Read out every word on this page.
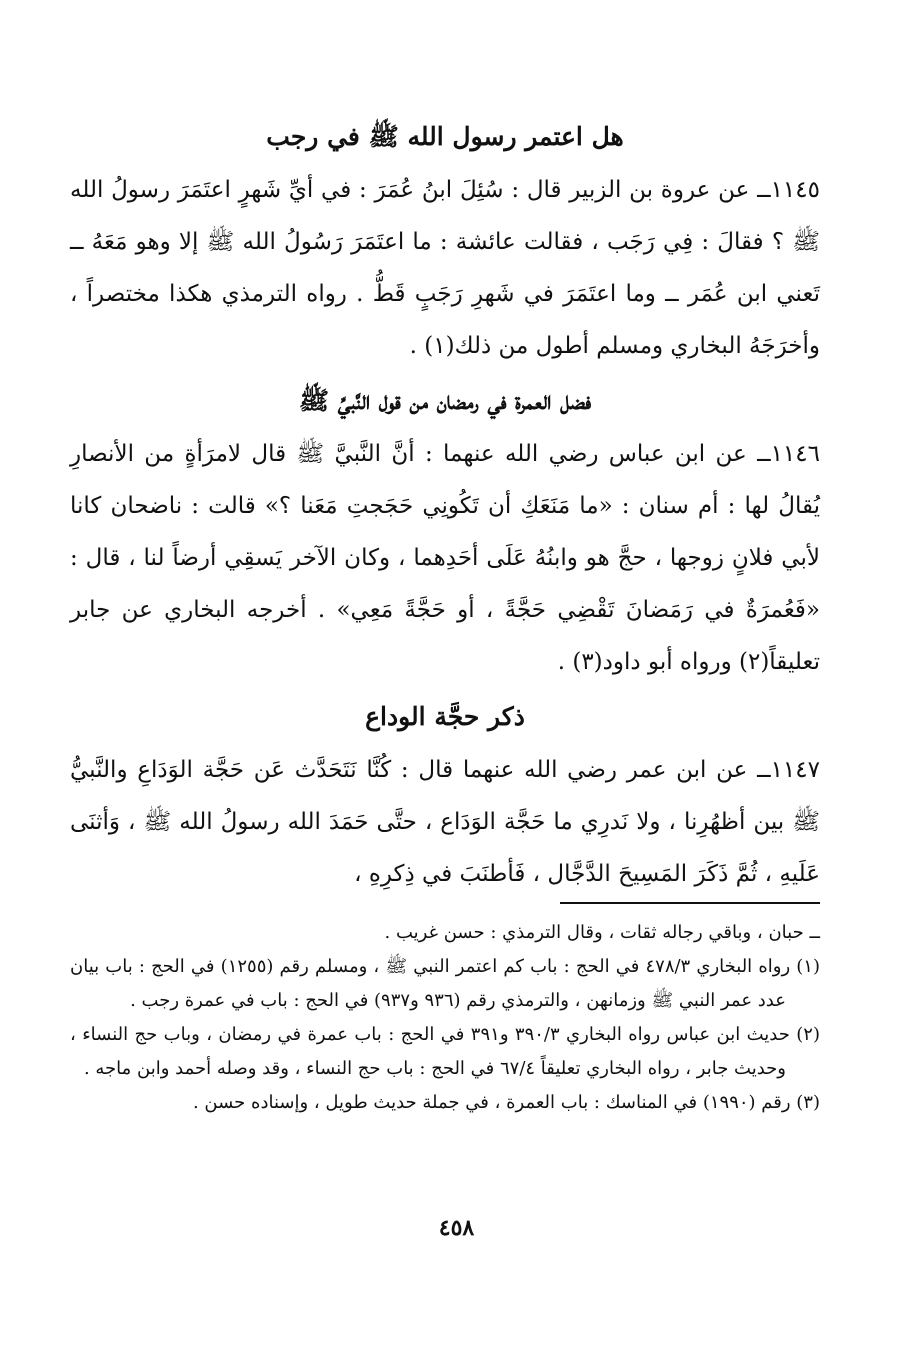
هل اعتمر رسول الله ﷺ في رجب

١١٤٥ــ عن عروة بن الزبير قال : سُئِلَ ابنُ عُمَرَ : في أيِّ شَهرٍ اعتَمَرَ رسولُ الله ﷺ ؟ فقالَ : فِي رَجَب ، فقالت عائشة : ما اعتَمَرَ رَسُولُ الله ﷺ إلا وهو مَعَهُ ــ تَعني ابن عُمَر ــ وما اعتَمَرَ في شَهرِ رَجَبٍ قَطُّ . رواه الترمذي هكذا مختصراً ، وأخرَجَهُ البخاري ومسلم أطول من ذلك(١) .

فضل العمرة في رمضان من قول النَّبيِّ ﷺ

١١٤٦ــ عن ابن عباس رضي الله عنهما : أنَّ النَّبيَّ ﷺ قال لامرَأةٍ من الأنصارِ يُقالُ لها : أم سنان : «ما مَنَعَكِ أن تَكُونِي حَجَجتِ مَعَنا ؟» قالت : ناضحان كانا لأبي فلانٍ زوجها ، حجَّ هو وابنُهُ عَلَى أحَدِهما ، وكان الآخر يَسقِي أرضاً لنا ، قال : «فَعُمرَةٌ في رَمَضانَ تَقْضِي حَجَّةً ، أو حَجَّةً مَعِي» . أخرجه البخاري عن جابر تعليقاً(٢) ورواه أبو داود(٣) .

ذكر حجَّة الوداع

١١٤٧ــ عن ابن عمر رضي الله عنهما قال : كُنَّا نَتَحَدَّث عَن حَجَّة الوَدَاعِ والنَّبيُّ ﷺ بين أظهُرِنا ، ولا نَدرِي ما حَجَّة الوَدَاع ، حتَّى حَمَدَ الله رسولُ الله ﷺ ، وَأثنَى عَلَيهِ ، ثُمَّ ذَكَرَ المَسِيحَ الدَّجَّال ، فَأطنَبَ في ذِكرِهِ ،

ــ حبان ، وباقي رجاله ثقات ، وقال الترمذي : حسن غريب .

(١) رواه البخاري ٤٧٨/٣ في الحج : باب كم اعتمر النبي ﷺ ، ومسلم رقم (١٢٥٥) في الحج : باب بيان عدد عمر النبي ﷺ وزمانهن ، والترمذي رقم (٩٣٦ و٩٣٧) في الحج : باب في عمرة رجب .

(٢) حديث ابن عباس رواه البخاري ٣٩٠/٣ و٣٩١ في الحج : باب عمرة في رمضان ، وباب حج النساء ، وحديث جابر ، رواه البخاري تعليقاً ٦٧/٤ في الحج : باب حج النساء ، وقد وصله أحمد وابن ماجه .

(٣) رقم (١٩٩٠) في المناسك : باب العمرة ، في جملة حديث طويل ، وإسناده حسن .

٤٥٨
